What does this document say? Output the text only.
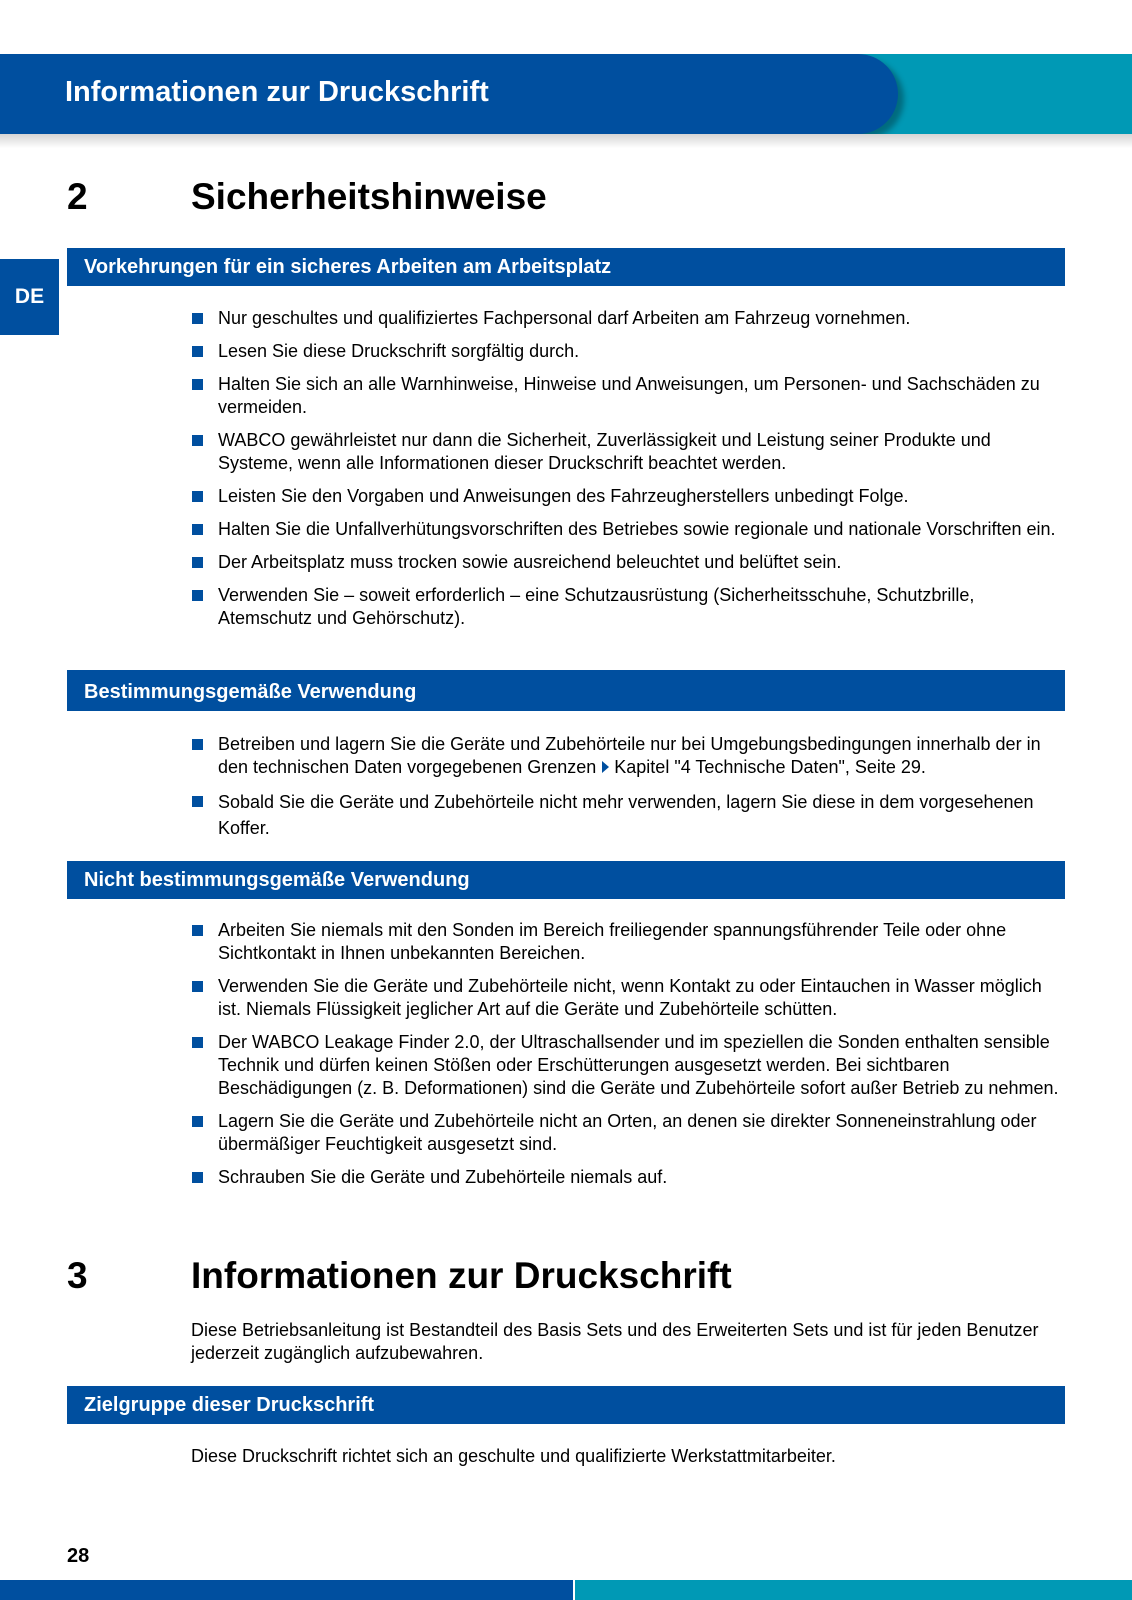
Informationen zur Druckschrift
DE
2	Sicherheitshinweise
Vorkehrungen für ein sicheres Arbeiten am Arbeitsplatz
Nur geschultes und qualifiziertes Fachpersonal darf Arbeiten am Fahrzeug vornehmen.
Lesen Sie diese Druckschrift sorgfältig durch.
Halten Sie sich an alle Warnhinweise, Hinweise und Anweisungen, um Personen- und Sachschäden zu vermeiden.
WABCO gewährleistet nur dann die Sicherheit, Zuverlässigkeit und Leistung seiner Produkte und Systeme, wenn alle Informationen dieser Druckschrift beachtet werden.
Leisten Sie den Vorgaben und Anweisungen des Fahrzeugherstellers unbedingt Folge.
Halten Sie die Unfallverhütungsvorschriften des Betriebes sowie regionale und nationale Vorschriften ein.
Der Arbeitsplatz muss trocken sowie ausreichend beleuchtet und belüftet sein.
Verwenden Sie – soweit erforderlich – eine Schutzausrüstung (Sicherheitsschuhe, Schutzbrille, Atemschutz und Gehörschutz).
Bestimmungsgemäße Verwendung
Betreiben und lagern Sie die Geräte und Zubehörteile nur bei Umgebungsbedingungen innerhalb der in den technischen Daten vorgegebenen Grenzen Kapitel "4 Technische Daten", Seite 29.
Sobald Sie die Geräte und Zubehörteile nicht mehr verwenden, lagern Sie diese in dem vorgesehenen Koffer.
Nicht bestimmungsgemäße Verwendung
Arbeiten Sie niemals mit den Sonden im Bereich freiliegender spannungsführender Teile oder ohne Sichtkontakt in Ihnen unbekannten Bereichen.
Verwenden Sie die Geräte und Zubehörteile nicht, wenn Kontakt zu oder Eintauchen in Wasser möglich ist. Niemals Flüssigkeit jeglicher Art auf die Geräte und Zubehörteile schütten.
Der WABCO Leakage Finder 2.0, der Ultraschallsender und im speziellen die Sonden enthalten sensible Technik und dürfen keinen Stößen oder Erschütterungen ausgesetzt werden. Bei sichtbaren Beschädigungen (z. B. Deformationen) sind die Geräte und Zubehörteile sofort außer Betrieb zu nehmen.
Lagern Sie die Geräte und Zubehörteile nicht an Orten, an denen sie direkter Sonneneinstrahlung oder übermäßiger Feuchtigkeit ausgesetzt sind.
Schrauben Sie die Geräte und Zubehörteile niemals auf.
3	Informationen zur Druckschrift
Diese Betriebsanleitung ist Bestandteil des Basis Sets und des Erweiterten Sets und ist für jeden Benutzer jederzeit zugänglich aufzubewahren.
Zielgruppe dieser Druckschrift
Diese Druckschrift richtet sich an geschulte und qualifizierte Werkstattmitarbeiter.
28
